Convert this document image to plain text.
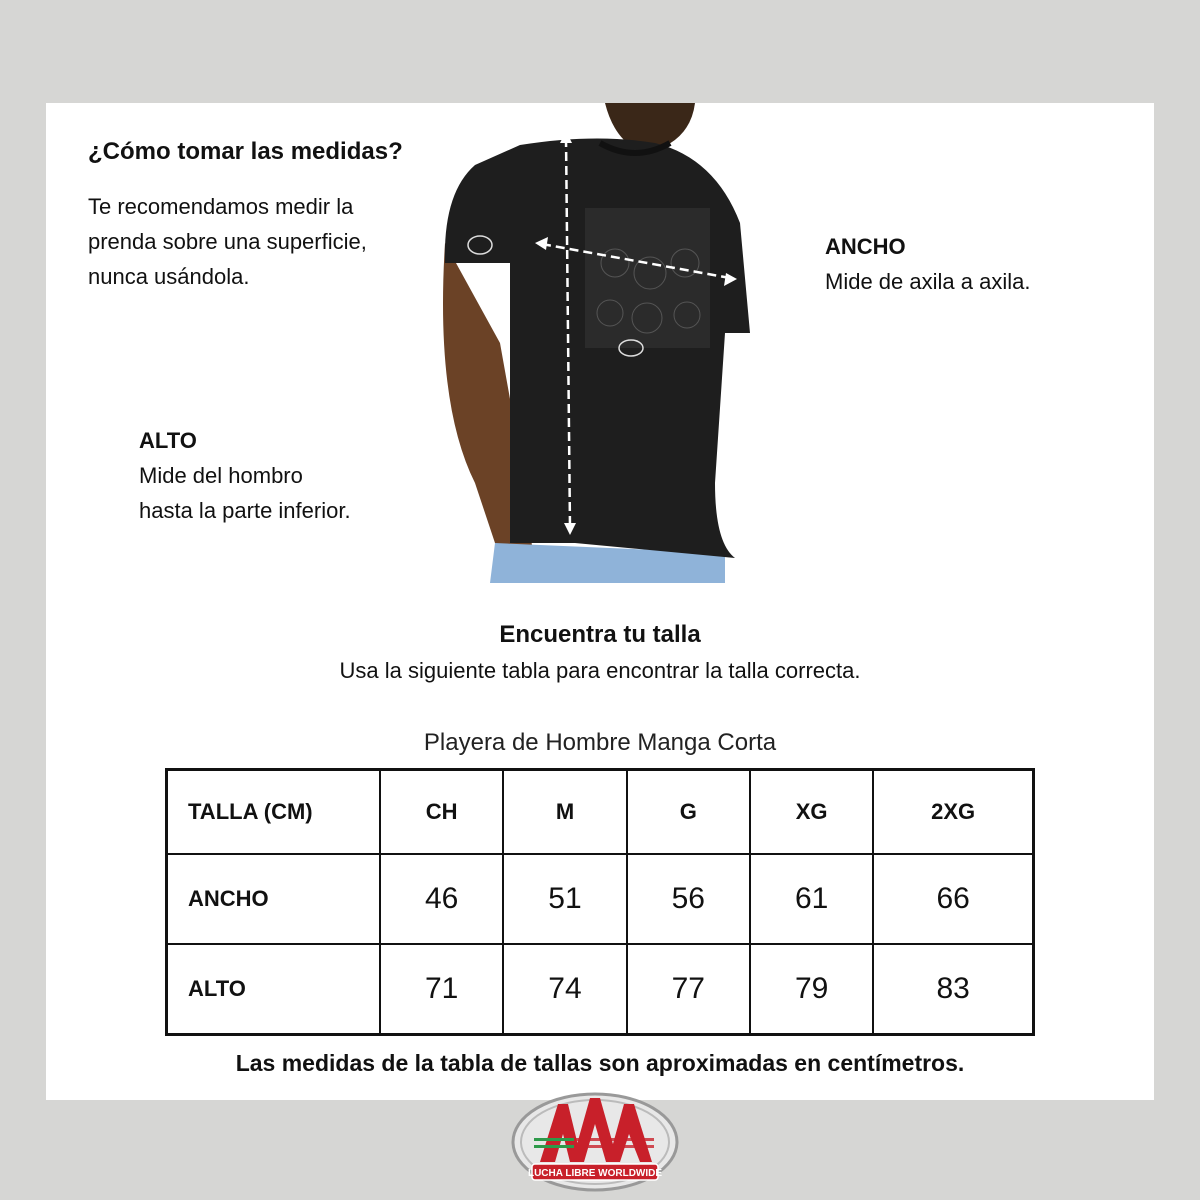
¿Cómo tomar las medidas?
Te recomendamos medir la
prenda sobre una superficie,
nunca usándola.
ANCHO
Mide de axila a axila.
ALTO
Mide del hombro
hasta la parte inferior.
Encuentra tu talla
Usa la siguiente tabla para encontrar la talla correcta.
Playera de Hombre Manga Corta
TALLA (CM)	CH	M	G	XG	2XG
ANCHO	46	51	56	61	66
ALTO	71	74	77	79	83
Las medidas de la tabla de tallas son aproximadas en centímetros.
LUCHA LIBRE WORLDWIDE
